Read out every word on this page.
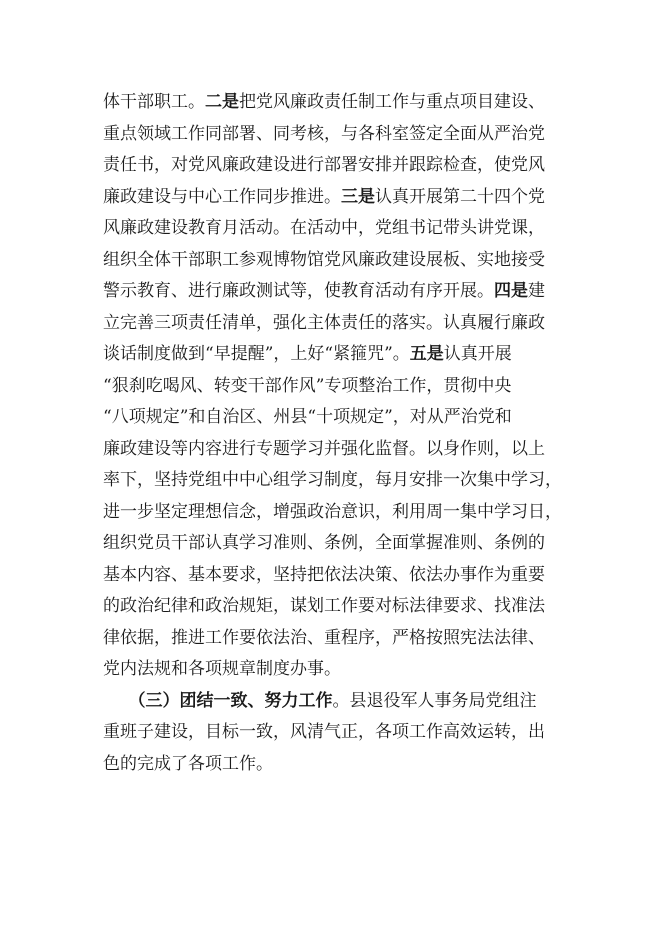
体干部职工。二是把党风廉政责任制工作与重点项目建设、
重点领域工作同部署、同考核，与各科室签定全面从严治党
责任书，对党风廉政建设进行部署安排并跟踪检查，使党风
廉政建设与中心工作同步推进。三是认真开展第二十四个党
风廉政建设教育月活动。在活动中，党组书记带头讲党课，
组织全体干部职工参观博物馆党风廉政建设展板、实地接受
警示教育、进行廉政测试等，使教育活动有序开展。四是建
立完善三项责任清单，强化主体责任的落实。认真履行廉政
谈话制度做到“早提醒”，上好“紧箍咒”。五是认真开展
“狠刹吃喝风、转变干部作风”专项整治工作，贯彻中央
“八项规定”和自治区、州县“十项规定”，对从严治党和
廉政建设等内容进行专题学习并强化监督。以身作则，以上
率下，坚持党组中中心组学习制度，每月安排一次集中学习，
进一步坚定理想信念，增强政治意识，利用周一集中学习日，
组织党员干部认真学习准则、条例，全面掌握准则、条例的
基本内容、基本要求，坚持把依法决策、依法办事作为重要
的政治纪律和政治规矩，谋划工作要对标法律要求、找准法
律依据，推进工作要依法治、重程序，严格按照宪法法律、
党内法规和各项规章制度办事。
　　（三）团结一致、努力工作。县退役军人事务局党组注
重班子建设，目标一致，风清气正，各项工作高效运转，出
色的完成了各项工作。
